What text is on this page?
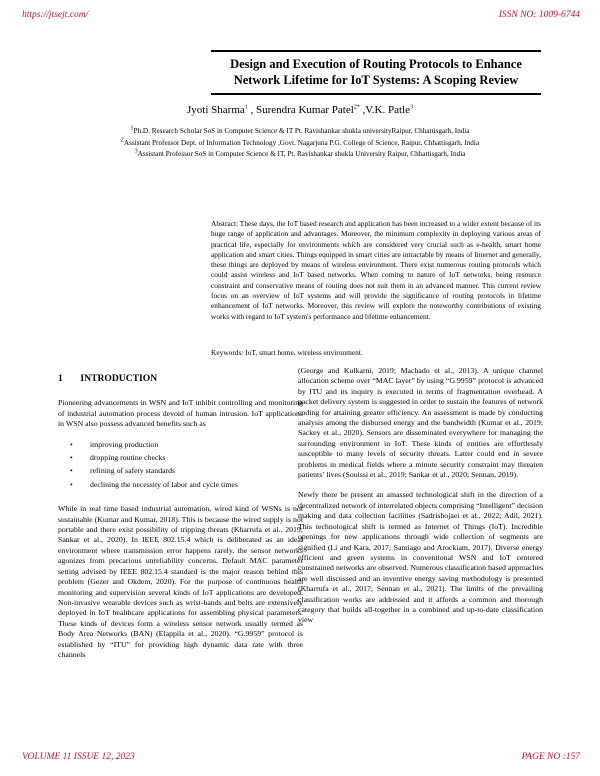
https://jtsejt.com/	ISSN NO: 1009-6744
Design and Execution of Routing Protocols to Enhance Network Lifetime for IoT Systems: A Scoping Review
Jyoti Sharma$^1$ , Surendra Kumar Patel$^{2*}$ ,V.K. Patle$^3$
$^1$Ph.D. Research Scholar SoS in Computer Science & IT Pt. Ravishankar shukla universityRaipur, Chhattisgarh, India
$^2$Assistant Professor Dept. of Information Technology ,Govt. Nagarjuna P.G. College of Science, Raipur, Chhattisgarh, India
$^3$Assistant Professor SoS in Computer Science & IT, Pt. Ravishankar shukla University Raipur, Chhattisgarh, India
Abstract: These days, the IoT based research and application has been increased to a wider extent because of its huge range of application and advantages. Moreover, the minimum complexity in deploying various areas of practical life, especially for environments which are considered very crucial such as e-health, smart home application and smart cities. Things equipped in smart cities are intractable by means of Internet and generally, these things are deployed by means of wireless environment. There exist numerous routing protocols which could assist wireless and IoT based networks. When coming to nature of IoT networks, being resource constraint and conservative means of routing does not suit them in an advanced manner. This current review focus on an overview of IoT systems and will provide the significance of routing protocols in lifetime enhancement of IoT networks. Moreover, this review will explore the noteworthy contributions of existing works with regard to IoT system's performance and lifetime enhancement.
Keywords: IoT, smart home, wireless environment.
1 INTRODUCTION

Pioneering advancements in WSN and IoT inhibit controlling and monitoring of industrial automation process devoid of human intrusion. IoT applications in WSN also possess advanced benefits such as

• improving production
• dropping routine checks
• refining of safety standards
• declining the necessity of labor and cycle times

While in real time based industrial automation, wired kind of WSNs is not sustainable (Kumar and Kumar, 2018). This is because the wired supply is not portable and there exist possibility of tripping threats (Kharrufa et al., 2019; Sankar et al., 2020). In IEEE 802.15.4 which is deliberated as an ideal environment where transmission error happens rarely, the sensor networks agonizes from precarious unreliability concerns. Default MAC parameter setting advised by IEEE 802.15.4 standard is the major reason behind this problem (Gezer and Okdem, 2020). For the purpose of continuous health monitoring and supervision several kinds of IoT applications are developed. Non-invasive wearable devices such as wrist-bands and belts are extensively deployed in IoT healthcare applications for assembling physical parameters. These kinds of devices form a wireless sensor network usually termed as Body Area Networks (BAN) (Elappila et al., 2020). “G.9959” protocol is established by “ITU” for providing high dynamic data rate with three channels

(George and Kulkarni, 2019; Machado et al., 2013). A unique channel allocation scheme over “MAC layer” by using “G.9959” protocol is advanced by ITU and its inquiry is executed in terms of fragmentation overhead. A packet delivery system is suggested in order to sustain the features of network coding for attaining greater efficiency. An assessment is made by conducting analysis among the disbursed energy and the bandwidth (Kumar et al., 2019; Sackey et al., 2020). Sensors are disseminated everywhere for managing the surrounding environment in IoT. These kinds of entities are effortlessly susceptible to many levels of security threats. Latter could end in severe problems in medical fields where a minute security constraint may threaten patients’ lives (Souissi et al., 2019; Sankar et al., 2020; Sennan, 2019).

Newly there be present an amassed technological shift in the direction of a decentralized network of interrelated objects comprising “Intelligent” decision making and data collection facilities (Sadrishojaei et al., 2022; Adil, 2021). This technological shift is termed as Internet of Things (IoT). Incredible openings for new applications through wide collection of segments are signified (Li and Kara, 2017; Santiago and Arockiam, 2017). Diverse energy efficient and green systems in conventional WSN and IoT centered constrained networks are observed. Numerous classification based approaches are well discussed and an inventive energy saving methodology is presented (Kharrufa et al., 2017; Sennan et al., 2021). The limits of the prevailing classification works are addressed and it affords a common and thorough category that builds all-together in a combined and up-to-date classification view

VOLUME 11 ISSUE 12, 2023	PAGE NO :157
